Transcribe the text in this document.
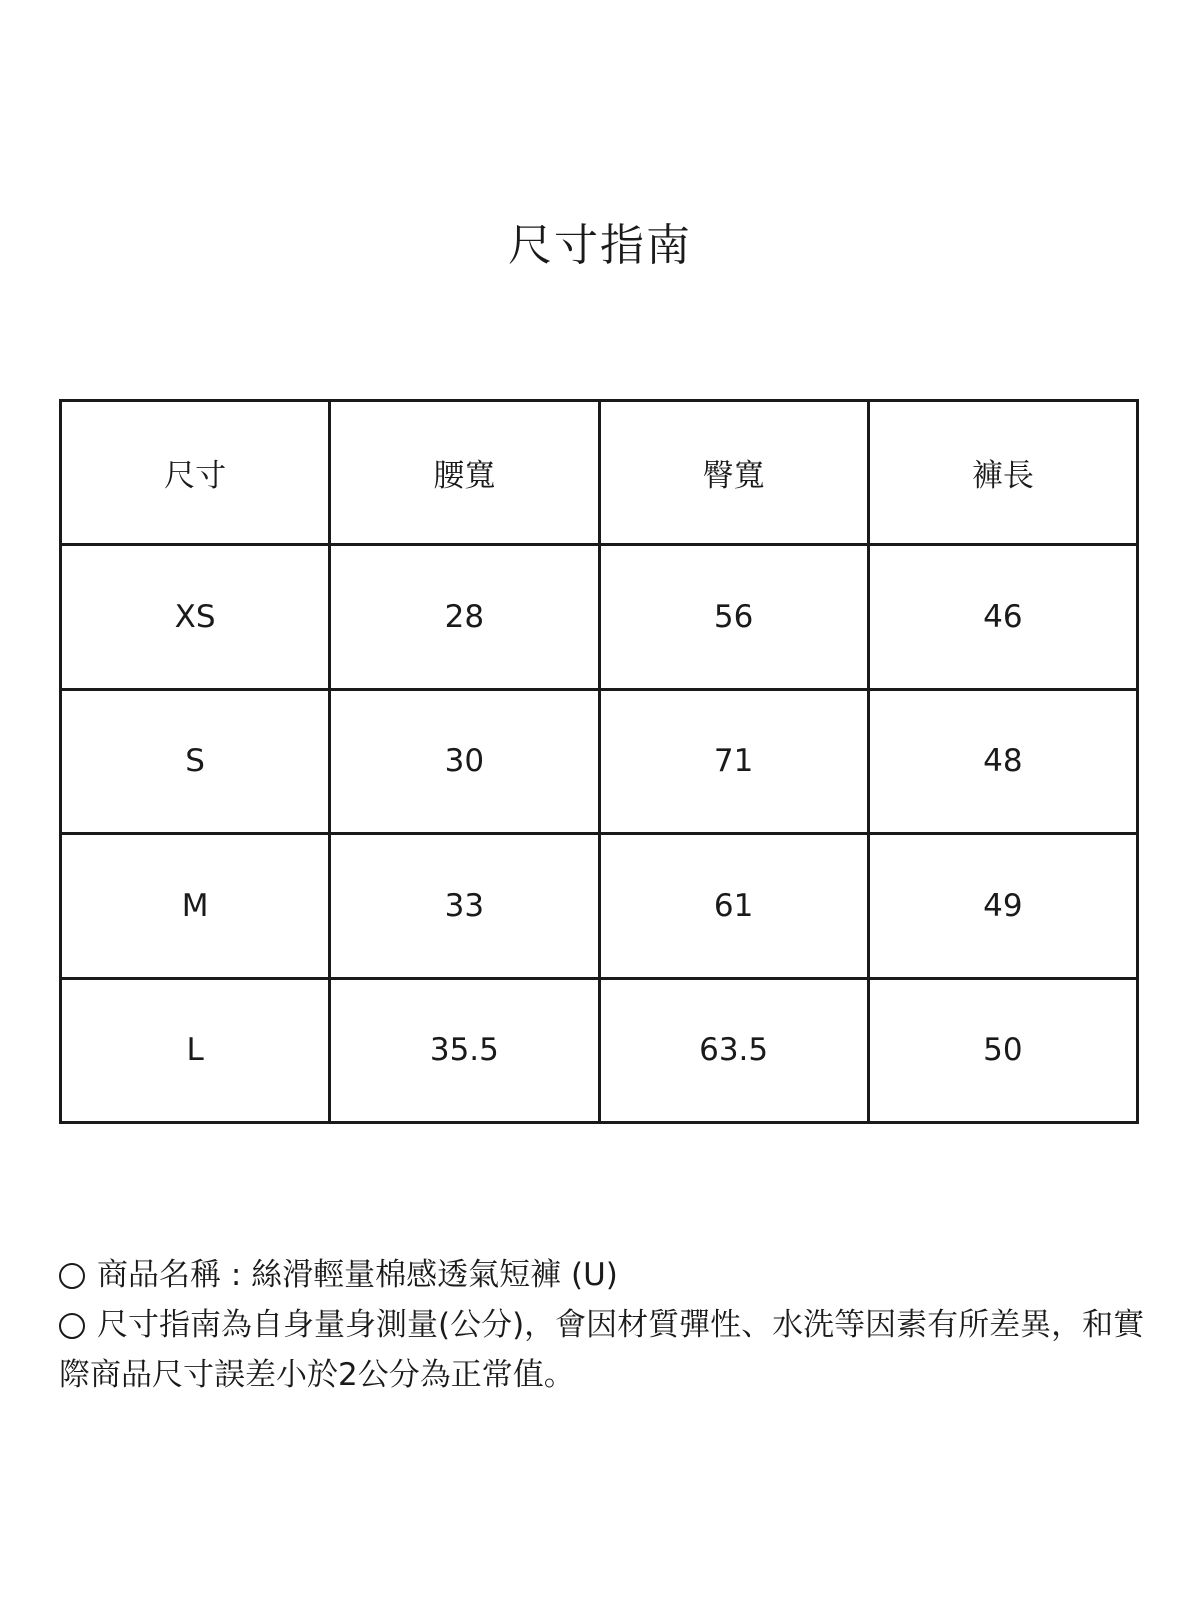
尺寸指南
尺寸	腰寬	臀寬	褲長
XS	28	56	46
S	30	71	48
M	33	61	49
L	35.5	63.5	50

商品名稱 : 絲滑輕量棉感透氣短褲 (U)

尺寸指南為自身量身測量(公分)，會因材質彈性、水洗等因素有所差異，和實際商品尺寸誤差小於2公分為正常值。
